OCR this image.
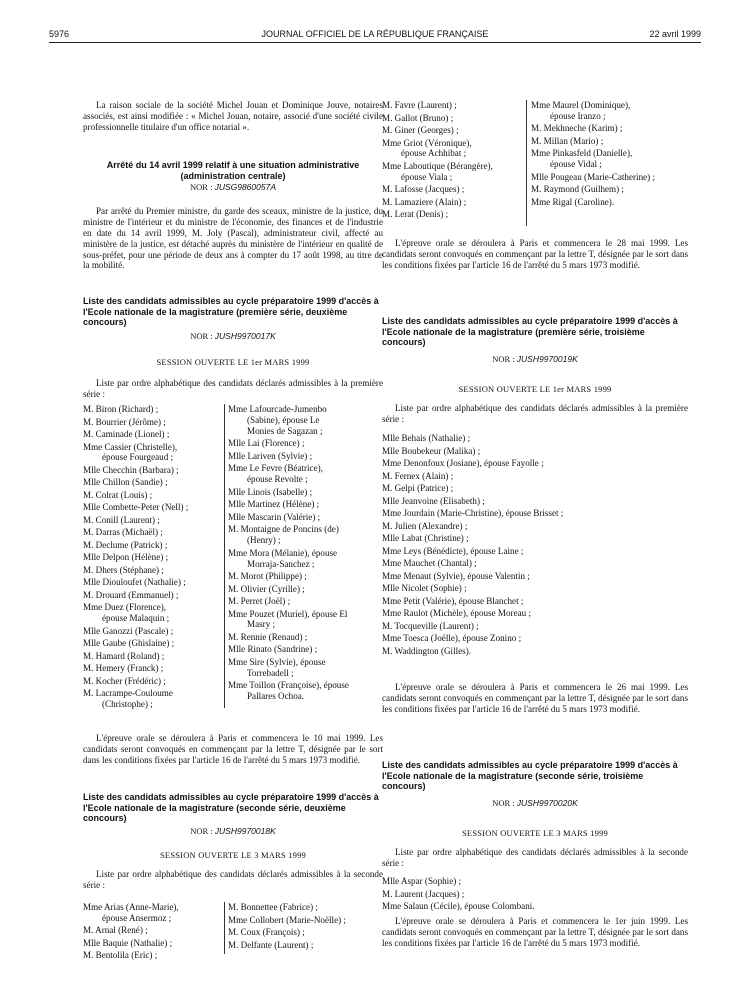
5976	JOURNAL OFFICIEL DE LA RÉPUBLIQUE FRANÇAISE	22 avril 1999

La raison sociale de la société Michel Jouan et Dominique Jouve, notaires associés, est ainsi modifiée : « Michel Jouan, notaire, associé d'une société civile professionnelle titulaire d'un office notarial ».

Arrêté du 14 avril 1999 relatif à une situation administrative (administration centrale)

NOR : JUSG9860057A

Par arrêté du Premier ministre, du garde des sceaux, ministre de la justice, du ministre de l'intérieur et du ministre de l'économie, des finances et de l'industrie en date du 14 avril 1999, M. Joly (Pascal), administrateur civil, affecté au ministère de la justice, est détaché auprès du ministère de l'intérieur en qualité de sous-préfet, pour une période de deux ans à compter du 17 août 1998, au titre de la mobilité.

Liste des candidats admissibles au cycle préparatoire 1999 d'accès à l'Ecole nationale de la magistrature (première série, deuxième concours)

NOR : JUSH9970017K
SESSION OUVERTE LE 1er MARS 1999

Liste par ordre alphabétique des candidats déclarés admissibles à la première série :

M. Biron (Richard) ;
M. Bourrier (Jérôme) ;
M. Caminade (Lionel) ;
Mme Cassier (Christelle),
épouse Fourgeaud ;
Mlle Checchin (Barbara) ;
Mlle Chillon (Sandie) ;
M. Colrat (Louis) ;
Mlle Combette-Peter (Nell) ;
M. Conill (Laurent) ;
M. Darras (Michaël) ;
M. Declume (Patrick) ;
Mlle Delpon (Hélène) ;
M. Dhers (Stéphane) ;
Mlle Diouloufet (Nathalie) ;
M. Drouard (Emmanuel) ;
Mme Duez (Florence),
épouse Malaquin ;
Mlle Ganozzi (Pascale) ;
Mlle Gaube (Ghislaine) ;
M. Hamard (Roland) ;
M. Hemery (Franck) ;
M. Kocher (Frédéric) ;
M. Lacrampe-Couloume
(Christophe) ;
Mme Lafourcade-Jumenbo
(Sabine), épouse Le
Monies de Sagazan ;
Mlle Lai (Florence) ;
Mlle Lariven (Sylvie) ;
Mme Le Fevre (Béatrice),
épouse Revolte ;
Mlle Linois (Isabelle) ;
Mlle Martinez (Hélène) ;
Mlle Mascarin (Valérie) ;
M. Montaigne de Poncins (de)
(Henry) ;
Mme Mora (Mélanie), épouse
Morraja-Sanchez ;
M. Morot (Philippe) ;
M. Olivier (Cyrille) ;
M. Perret (Joël) ;
Mme Pouzet (Muriel), épouse El
Masry ;
M. Rennie (Renaud) ;
Mlle Rinato (Sandrine) ;
Mme Sire (Sylvie), épouse
Torrebadell ;
Mme Toillon (Françoise), épouse
Pallares Ochoa.

L'épreuve orale se déroulera à Paris et commencera le 10 mai 1999. Les candidats seront convoqués en commençant par la lettre T, désignée par le sort dans les conditions fixées par l'article 16 de l'arrêté du 5 mars 1973 modifié.

Liste des candidats admissibles au cycle préparatoire 1999 d'accès à l'Ecole nationale de la magistrature (seconde série, deuxième concours)

NOR : JUSH9970018K
SESSION OUVERTE LE 3 MARS 1999

Liste par ordre alphabétique des candidats déclarés admissibles à la seconde série :

Mme Arias (Anne-Marie),
épouse Ansermoz ;
M. Arnal (René) ;
Mlle Baquie (Nathalie) ;
M. Bentolila (Eric) ;
M. Bonnettee (Fabrice) ;
Mme Collobert (Marie-Noëlle) ;
M. Coux (François) ;
M. Delfante (Laurent) ;
M. Favre (Laurent) ;
M. Gallot (Bruno) ;
M. Giner (Georges) ;
Mme Griot (Véronique),
épouse Achhibat ;
Mme Laboutique (Bérangère),
épouse Viala ;
M. Lafosse (Jacques) ;
M. Lamaziere (Alain) ;
M. Lerat (Denis) ;
Mme Maurel (Dominique),
épouse Iranzo ;
M. Mekhneche (Karim) ;
M. Millan (Mario) ;
Mme Pinkasfeld (Danielle),
épouse Vidal ;
Mlle Pougeau (Marie-Catherine) ;
M. Raymond (Guilhem) ;
Mme Rigal (Caroline).

L'épreuve orale se déroulera à Paris et commencera le 28 mai 1999. Les candidats seront convoqués en commençant par la lettre T, désignée par le sort dans les conditions fixées par l'article 16 de l'arrêté du 5 mars 1973 modifié.

Liste des candidats admissibles au cycle préparatoire 1999 d'accès à l'Ecole nationale de la magistrature (première série, troisième concours)

NOR : JUSH9970019K
SESSION OUVERTE LE 1er MARS 1999

Liste par ordre alphabétique des candidats déclarés admissibles à la première série :

Mlle Behais (Nathalie) ;
Mlle Boubekeur (Malika) ;
Mme Denonfoux (Josiane), épouse Fayolle ;
M. Fernex (Alain) ;
M. Gelpi (Patrice) ;
Mlle Jeanvoine (Elisabeth) ;
Mme Jourdain (Marie-Christine), épouse Brisset ;
M. Julien (Alexandre) ;
Mlle Labat (Christine) ;
Mme Leys (Bénédicte), épouse Laine ;
Mme Mauchet (Chantal) ;
Mme Menaut (Sylvie), épouse Valentin ;
Mlle Nicolet (Sophie) ;
Mme Petit (Valérie), épouse Blanchet ;
Mme Raulot (Michèle), épouse Moreau ;
M. Tocqueville (Laurent) ;
Mme Toesca (Joëlle), épouse Zonino ;
M. Waddington (Gilles).

L'épreuve orale se déroulera à Paris et commencera le 26 mai 1999. Les candidats seront convoqués en commençant par la lettre T, désignée par le sort dans les conditions fixées par l'article 16 de l'arrêté du 5 mars 1973 modifié.

Liste des candidats admissibles au cycle préparatoire 1999 d'accès à l'Ecole nationale de la magistrature (seconde série, troisième concours)

NOR : JUSH9970020K
SESSION OUVERTE LE 3 MARS 1999

Liste par ordre alphabétique des candidats déclarés admissibles à la seconde série :

Mlle Aspar (Sophie) ;
M. Laurent (Jacques) ;
Mme Salaun (Cécile), épouse Colombani.

L'épreuve orale se déroulera à Paris et commencera le 1er juin 1999. Les candidats seront convoqués en commençant par la lettre T, désignée par le sort dans les conditions fixées par l'article 16 de l'arrêté du 5 mars 1973 modifié.
